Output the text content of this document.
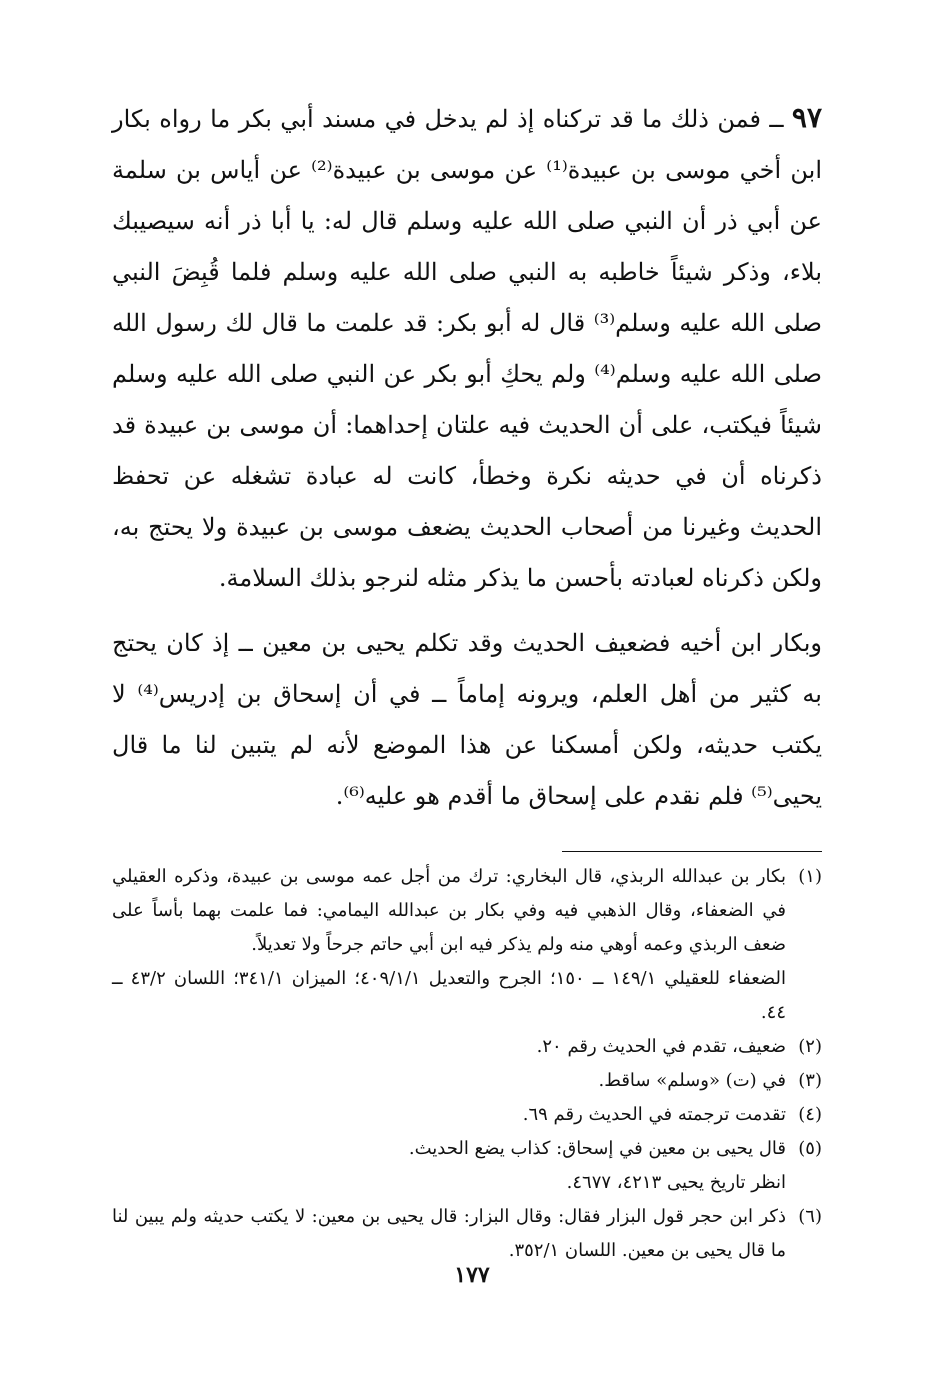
٩٧ ــ فمن ذلك ما قد تركناه إذ لم يدخل في مسند أبي بكر ما رواه بكار ابن أخي موسى بن عبيدة⁽¹⁾ عن موسى بن عبيدة⁽²⁾ عن أياس بن سلمة عن أبي ذر أن النبي صلى الله عليه وسلم قال له: يا أبا ذر أنه سيصيبك بلاء، وذكر شيئاً خاطبه به النبي صلى الله عليه وسلم فلما قُبِضَ النبي صلى الله عليه وسلم⁽³⁾ قال له أبو بكر: قد علمت ما قال لك رسول الله صلى الله عليه وسلم⁽⁴⁾ ولم يحكِ أبو بكر عن النبي صلى الله عليه وسلم شيئاً فيكتب، على أن الحديث فيه علتان إحداهما: أن موسى بن عبيدة قد ذكرناه أن في حديثه نكرة وخطأ، كانت له عبادة تشغله عن تحفظ الحديث وغيرنا من أصحاب الحديث يضعف موسى بن عبيدة ولا يحتج به، ولكن ذكرناه لعبادته بأحسن ما يذكر مثله لنرجو بذلك السلامة.

وبكار ابن أخيه فضعيف الحديث وقد تكلم يحيى بن معين ــ إذ كان يحتج به كثير من أهل العلم، ويرونه إماماً ــ في أن إسحاق بن إدريس⁽⁴⁾ لا يكتب حديثه، ولكن أمسكنا عن هذا الموضع لأنه لم يتبين لنا ما قال يحيى⁽⁵⁾ فلم نقدم على إسحاق ما أقدم هو عليه⁽⁶⁾.

(١)
بكار بن عبدالله الربذي، قال البخاري: ترك من أجل عمه موسى بن عبيدة، وذكره العقيلي في الضعفاء، وقال الذهبي فيه وفي بكار بن عبدالله اليمامي: فما علمت بهما بأساً على ضعف الربذي وعمه أوهي منه ولم يذكر فيه ابن أبي حاتم جرحاً ولا تعديلاً.
الضعفاء للعقيلي ١٤٩/١ ــ ١٥٠؛ الجرح والتعديل ٤٠٩/١/١؛ الميزان ٣٤١/١؛ اللسان ٤٣/٢ ــ ٤٤.
(٢)
ضعيف، تقدم في الحديث رقم ٢٠.
(٣)
في (ت) «وسلم» ساقط.
(٤)
تقدمت ترجمته في الحديث رقم ٦٩.
(٥)
قال يحيى بن معين في إسحاق: كذاب يضع الحديث.
انظر تاريخ يحيى ٤٢١٣، ٤٦٧٧.
(٦)
ذكر ابن حجر قول البزار فقال: وقال البزار: قال يحيى بن معين: لا يكتب حديثه ولم يبين لنا ما قال يحيى بن معين. اللسان ٣٥٢/١.
١٧٧
